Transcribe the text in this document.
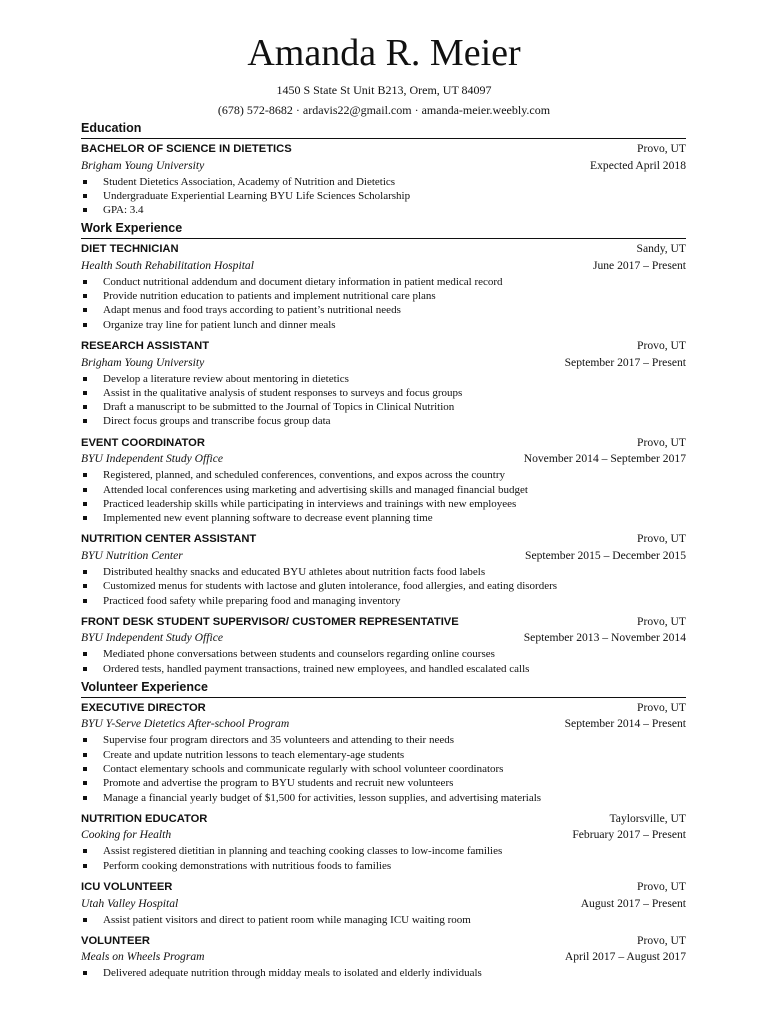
Amanda R. Meier
1450 S State St Unit B213, Orem, UT 84097
(678) 572-8682 · ardavis22@gmail.com · amanda-meier.weebly.com
Education
BACHELOR OF SCIENCE IN DIETETICS	Provo, UT
Brigham Young University	Expected April 2018
Student Dietetics Association, Academy of Nutrition and Dietetics
Undergraduate Experiential Learning BYU Life Sciences Scholarship
GPA: 3.4
Work Experience
DIET TECHNICIAN	Sandy, UT
Health South Rehabilitation Hospital	June 2017 – Present
Conduct nutritional addendum and document dietary information in patient medical record
Provide nutrition education to patients and implement nutritional care plans
Adapt menus and food trays according to patient’s nutritional needs
Organize tray line for patient lunch and dinner meals
RESEARCH ASSISTANT	Provo, UT
Brigham Young University	September 2017 – Present
Develop a literature review about mentoring in dietetics
Assist in the qualitative analysis of student responses to surveys and focus groups
Draft a manuscript to be submitted to the Journal of Topics in Clinical Nutrition
Direct focus groups and transcribe focus group data
EVENT COORDINATOR	Provo, UT
BYU Independent Study Office	November 2014 – September 2017
Registered, planned, and scheduled conferences, conventions, and expos across the country
Attended local conferences using marketing and advertising skills and managed financial budget
Practiced leadership skills while participating in interviews and trainings with new employees
Implemented new event planning software to decrease event planning time
NUTRITION CENTER ASSISTANT	Provo, UT
BYU Nutrition Center	September 2015 – December 2015
Distributed healthy snacks and educated BYU athletes about nutrition facts food labels
Customized menus for students with lactose and gluten intolerance, food allergies, and eating disorders
Practiced food safety while preparing food and managing inventory
FRONT DESK STUDENT SUPERVISOR/ CUSTOMER REPRESENTATIVE	Provo, UT
BYU Independent Study Office	September 2013 – November 2014
Mediated phone conversations between students and counselors regarding online courses
Ordered tests, handled payment transactions, trained new employees, and handled escalated calls
Volunteer Experience
EXECUTIVE DIRECTOR	Provo, UT
BYU Y-Serve Dietetics After-school Program	September 2014 – Present
Supervise four program directors and 35 volunteers and attending to their needs
Create and update nutrition lessons to teach elementary-age students
Contact elementary schools and communicate regularly with school volunteer coordinators
Promote and advertise the program to BYU students and recruit new volunteers
Manage a financial yearly budget of $1,500 for activities, lesson supplies, and advertising materials
NUTRITION EDUCATOR	Taylorsville, UT
Cooking for Health	February 2017 – Present
Assist registered dietitian in planning and teaching cooking classes to low-income families
Perform cooking demonstrations with nutritious foods to families
ICU VOLUNTEER	Provo, UT
Utah Valley Hospital	August 2017 – Present
Assist patient visitors and direct to patient room while managing ICU waiting room
VOLUNTEER	Provo, UT
Meals on Wheels Program	April 2017 – August 2017
Delivered adequate nutrition through midday meals to isolated and elderly individuals
